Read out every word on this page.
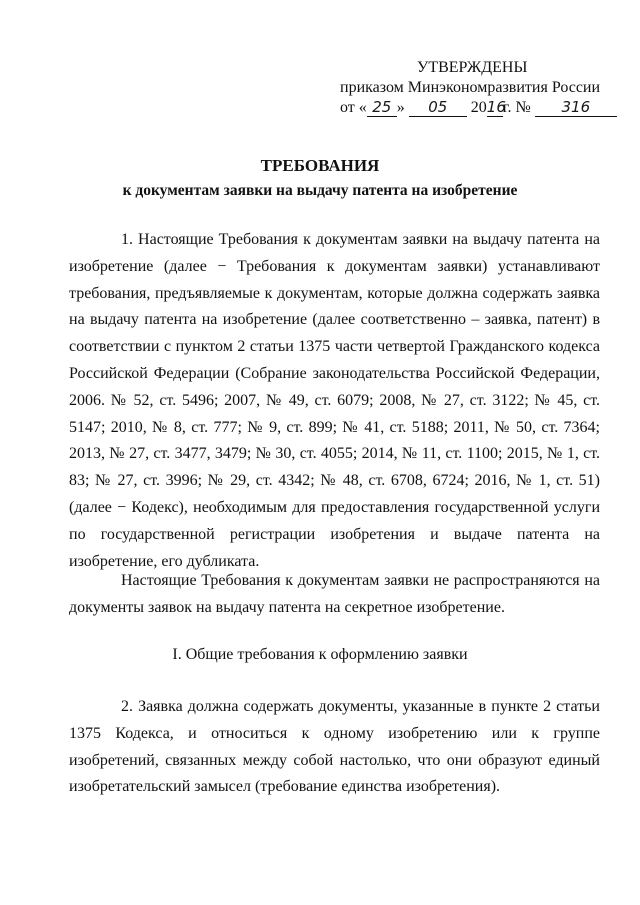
УТВЕРЖДЕНЫ
приказом Минэкономразвития России
от « 25 » 05 2016г. № 316
ТРЕБОВАНИЯ
к документам заявки на выдачу патента на изобретение

1. Настоящие Требования к документам заявки на выдачу патента на изобретение (далее − Требования к документам заявки) устанавливают требования, предъявляемые к документам, которые должна содержать заявка на выдачу патента на изобретение (далее соответственно – заявка, патент) в соответствии с пунктом 2 статьи 1375 части четвертой Гражданского кодекса Российской Федерации (Собрание законодательства Российской Федерации, 2006. № 52, ст. 5496; 2007, № 49, ст. 6079; 2008, № 27, ст. 3122; № 45, ст. 5147; 2010, № 8, ст. 777; № 9, ст. 899; № 41, ст. 5188; 2011, № 50, ст. 7364; 2013, № 27, ст. 3477, 3479; № 30, ст. 4055; 2014, № 11, ст. 1100; 2015, № 1, ст. 83; № 27, ст. 3996; № 29, ст. 4342; № 48, ст. 6708, 6724; 2016, № 1, ст. 51) (далее − Кодекс), необходимым для предоставления государственной услуги по государственной регистрации изобретения и выдаче патента на изобретение, его дубликата.

Настоящие Требования к документам заявки не распространяются на документы заявок на выдачу патента на секретное изобретение.

I. Общие требования к оформлению заявки

2. Заявка должна содержать документы, указанные в пункте 2 статьи 1375 Кодекса, и относиться к одному изобретению или к группе изобретений, связанных между собой настолько, что они образуют единый изобретательский замысел (требование единства изобретения).
